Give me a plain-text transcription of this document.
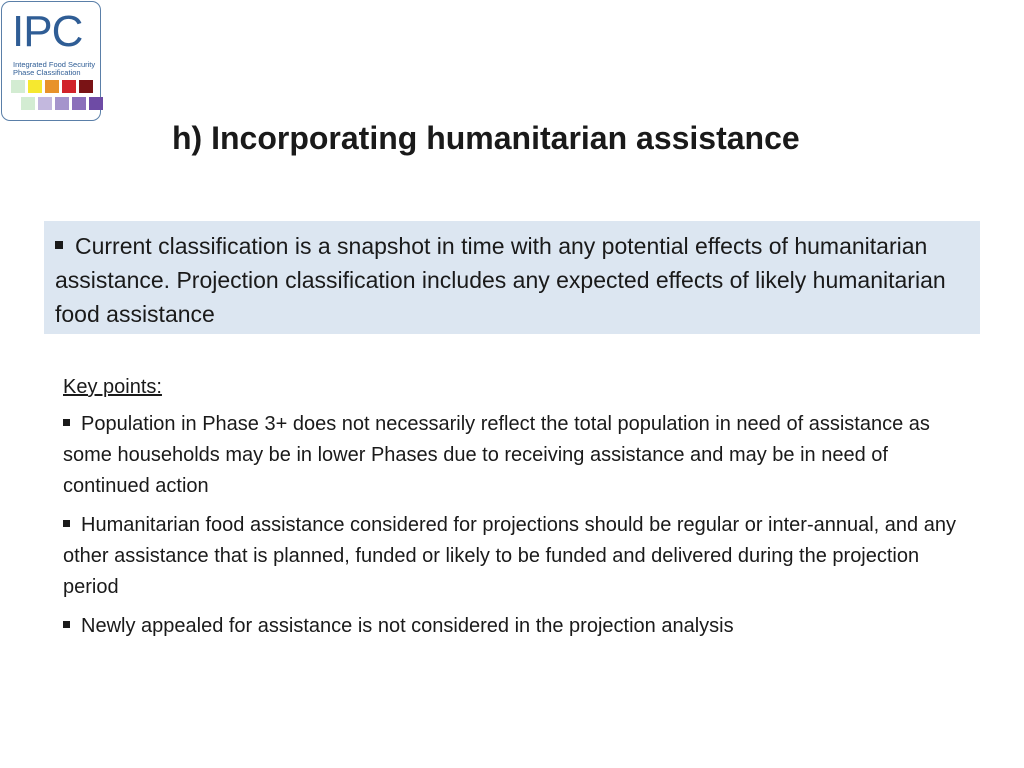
IPC
Integrated Food Security
Phase Classification
h) Incorporating humanitarian assistance

Current classification is a snapshot in time with any potential effects of humanitarian assistance. Projection classification includes any expected effects of likely humanitarian food assistance

Key points:

Population in Phase 3+ does not necessarily reflect the total population in need of assistance as some households may be in lower Phases due to receiving assistance and may be in need of continued action

Humanitarian food assistance considered for projections should be regular or inter-annual, and any other assistance that is planned, funded or likely to be funded and delivered during the projection period

Newly appealed for assistance is not considered in the projection analysis
